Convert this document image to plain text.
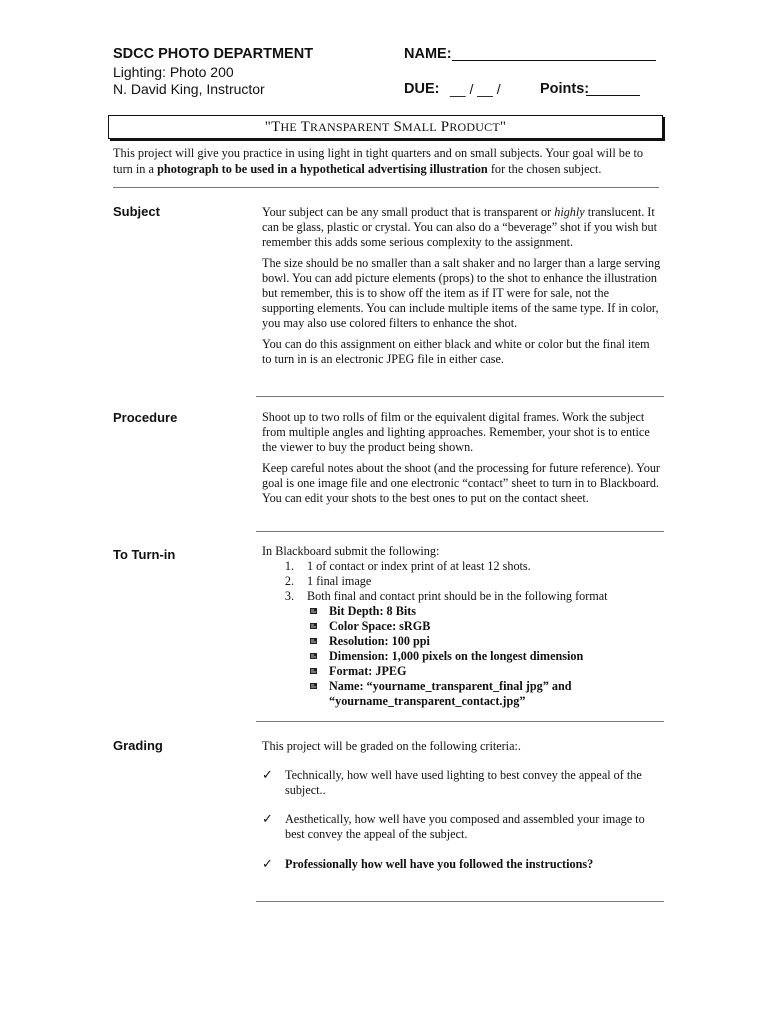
SDCC PHOTO DEPARTMENT
Lighting: Photo 200
N. David King, Instructor
NAME:
DUE: __ / __ /	Points:
"THE TRANSPARENT SMALL PRODUCT"
This project will give you practice in using light in tight quarters and on small subjects. Your goal will be to turn in a photograph to be used in a hypothetical advertising illustration for the chosen subject.
Subject	Your subject can be any small product that is transparent or highly translucent. It can be glass, plastic or crystal. You can also do a “beverage” shot if you wish but remember this adds some serious complexity to the assignment.

The size should be no smaller than a salt shaker and no larger than a large serving bowl. You can add picture elements (props) to the shot to enhance the illustration but remember, this is to show off the item as if IT were for sale, not the supporting elements. You can include multiple items of the same type. If in color, you may also use colored filters to enhance the shot.

You can do this assignment on either black and white or color but the final item to turn in is an electronic JPEG file in either case.

Procedure	Shoot up to two rolls of film or the equivalent digital frames. Work the subject from multiple angles and lighting approaches. Remember, your shot is to entice the viewer to buy the product being shown.

Keep careful notes about the shoot (and the processing for future reference). Your goal is one image file and one electronic “contact” sheet to turn in to Blackboard. You can edit your shots to the best ones to put on the contact sheet.

To Turn-in	In Blackboard submit the following:
1. 1 of contact or index print of at least 12 shots.
2. 1 final image
3. Both final and contact print should be in the following format
Bit Depth: 8 Bits
Color Space: sRGB
Resolution: 100 ppi
Dimension: 1,000 pixels on the longest dimension
Format: JPEG
Name: “yourname_transparent_final jpg” and
“yourname_transparent_contact.jpg”
Grading	This project will be graded on the following criteria:.
✓ Technically, how well have used lighting to best convey the appeal of the subject..
✓ Aesthetically, how well have you composed and assembled your image to best convey the appeal of the subject.
✓ Professionally how well have you followed the instructions?
